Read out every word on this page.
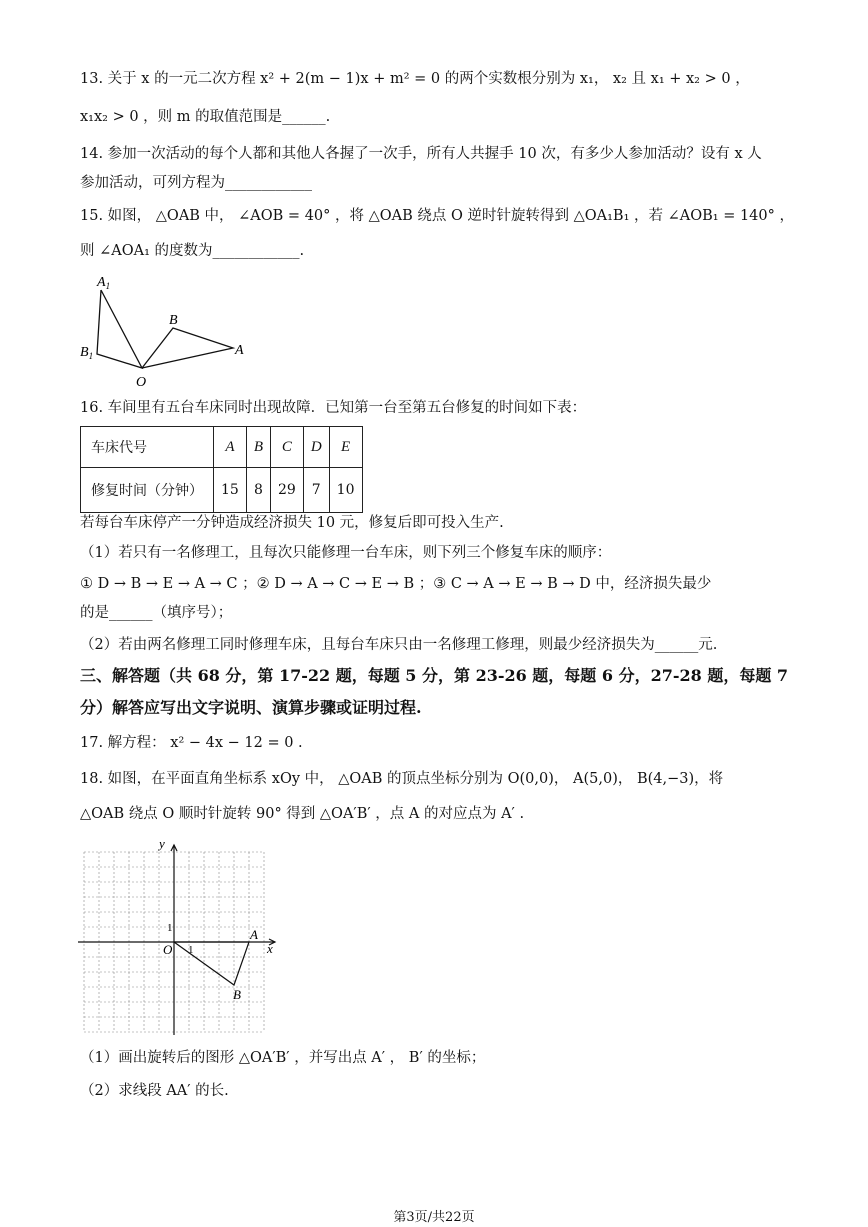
13. 关于 x 的一元二次方程 x² + 2(m − 1)x + m² = 0 的两个实数根分别为 x₁， x₂ 且 x₁ + x₂ > 0 ，
x₁x₂ > 0 ，则 m 的取值范围是______.
14. 参加一次活动的每个人都和其他人各握了一次手，所有人共握手 10 次，有多少人参加活动？设有 x 人
参加活动，可列方程为____________
15. 如图， △OAB 中， ∠AOB = 40° ，将 △OAB 绕点 O 逆时针旋转得到 △OA₁B₁ ，若 ∠AOB₁ = 140° ，
则 ∠AOA₁ 的度数为____________.
$A_1$
$B_1$
B
A
O
16. 车间里有五台车床同时出现故障．已知第一台至第五台修复的时间如下表：
车床代号	A	B	C	D	E
修复时间（分钟）	15	8	29	7	10
若每台车床停产一分钟造成经济损失 10 元，修复后即可投入生产.
（1）若只有一名修理工，且每次只能修理一台车床，则下列三个修复车床的顺序：
① D → B → E → A → C ；② D → A → C → E → B ；③ C → A → E → B → D 中，经济损失最少
的是______（填序号）；
（2）若由两名修理工同时修理车床，且每台车床只由一名修理工修理，则最少经济损失为______元.
三、解答题（共 68 分，第 17-22 题，每题 5 分，第 23-26 题，每题 6 分，27-28 题，每题 7
分）解答应写出文字说明、演算步骤或证明过程.
17. 解方程： x² − 4x − 12 = 0 .
18. 如图，在平面直角坐标系 xOy 中， △OAB 的顶点坐标分别为 O(0,0)， A(5,0)， B(4,−3)，将
△OAB 绕点 O 顺时针旋转 90° 得到 △OA′B′ ，点 A 的对应点为 A′ .
y
x
O 1
1	A
B
（1）画出旋转后的图形 △OA′B′ ，并写出点 A′ ， B′ 的坐标；
（2）求线段 AA′ 的长.
第3页/共22页
